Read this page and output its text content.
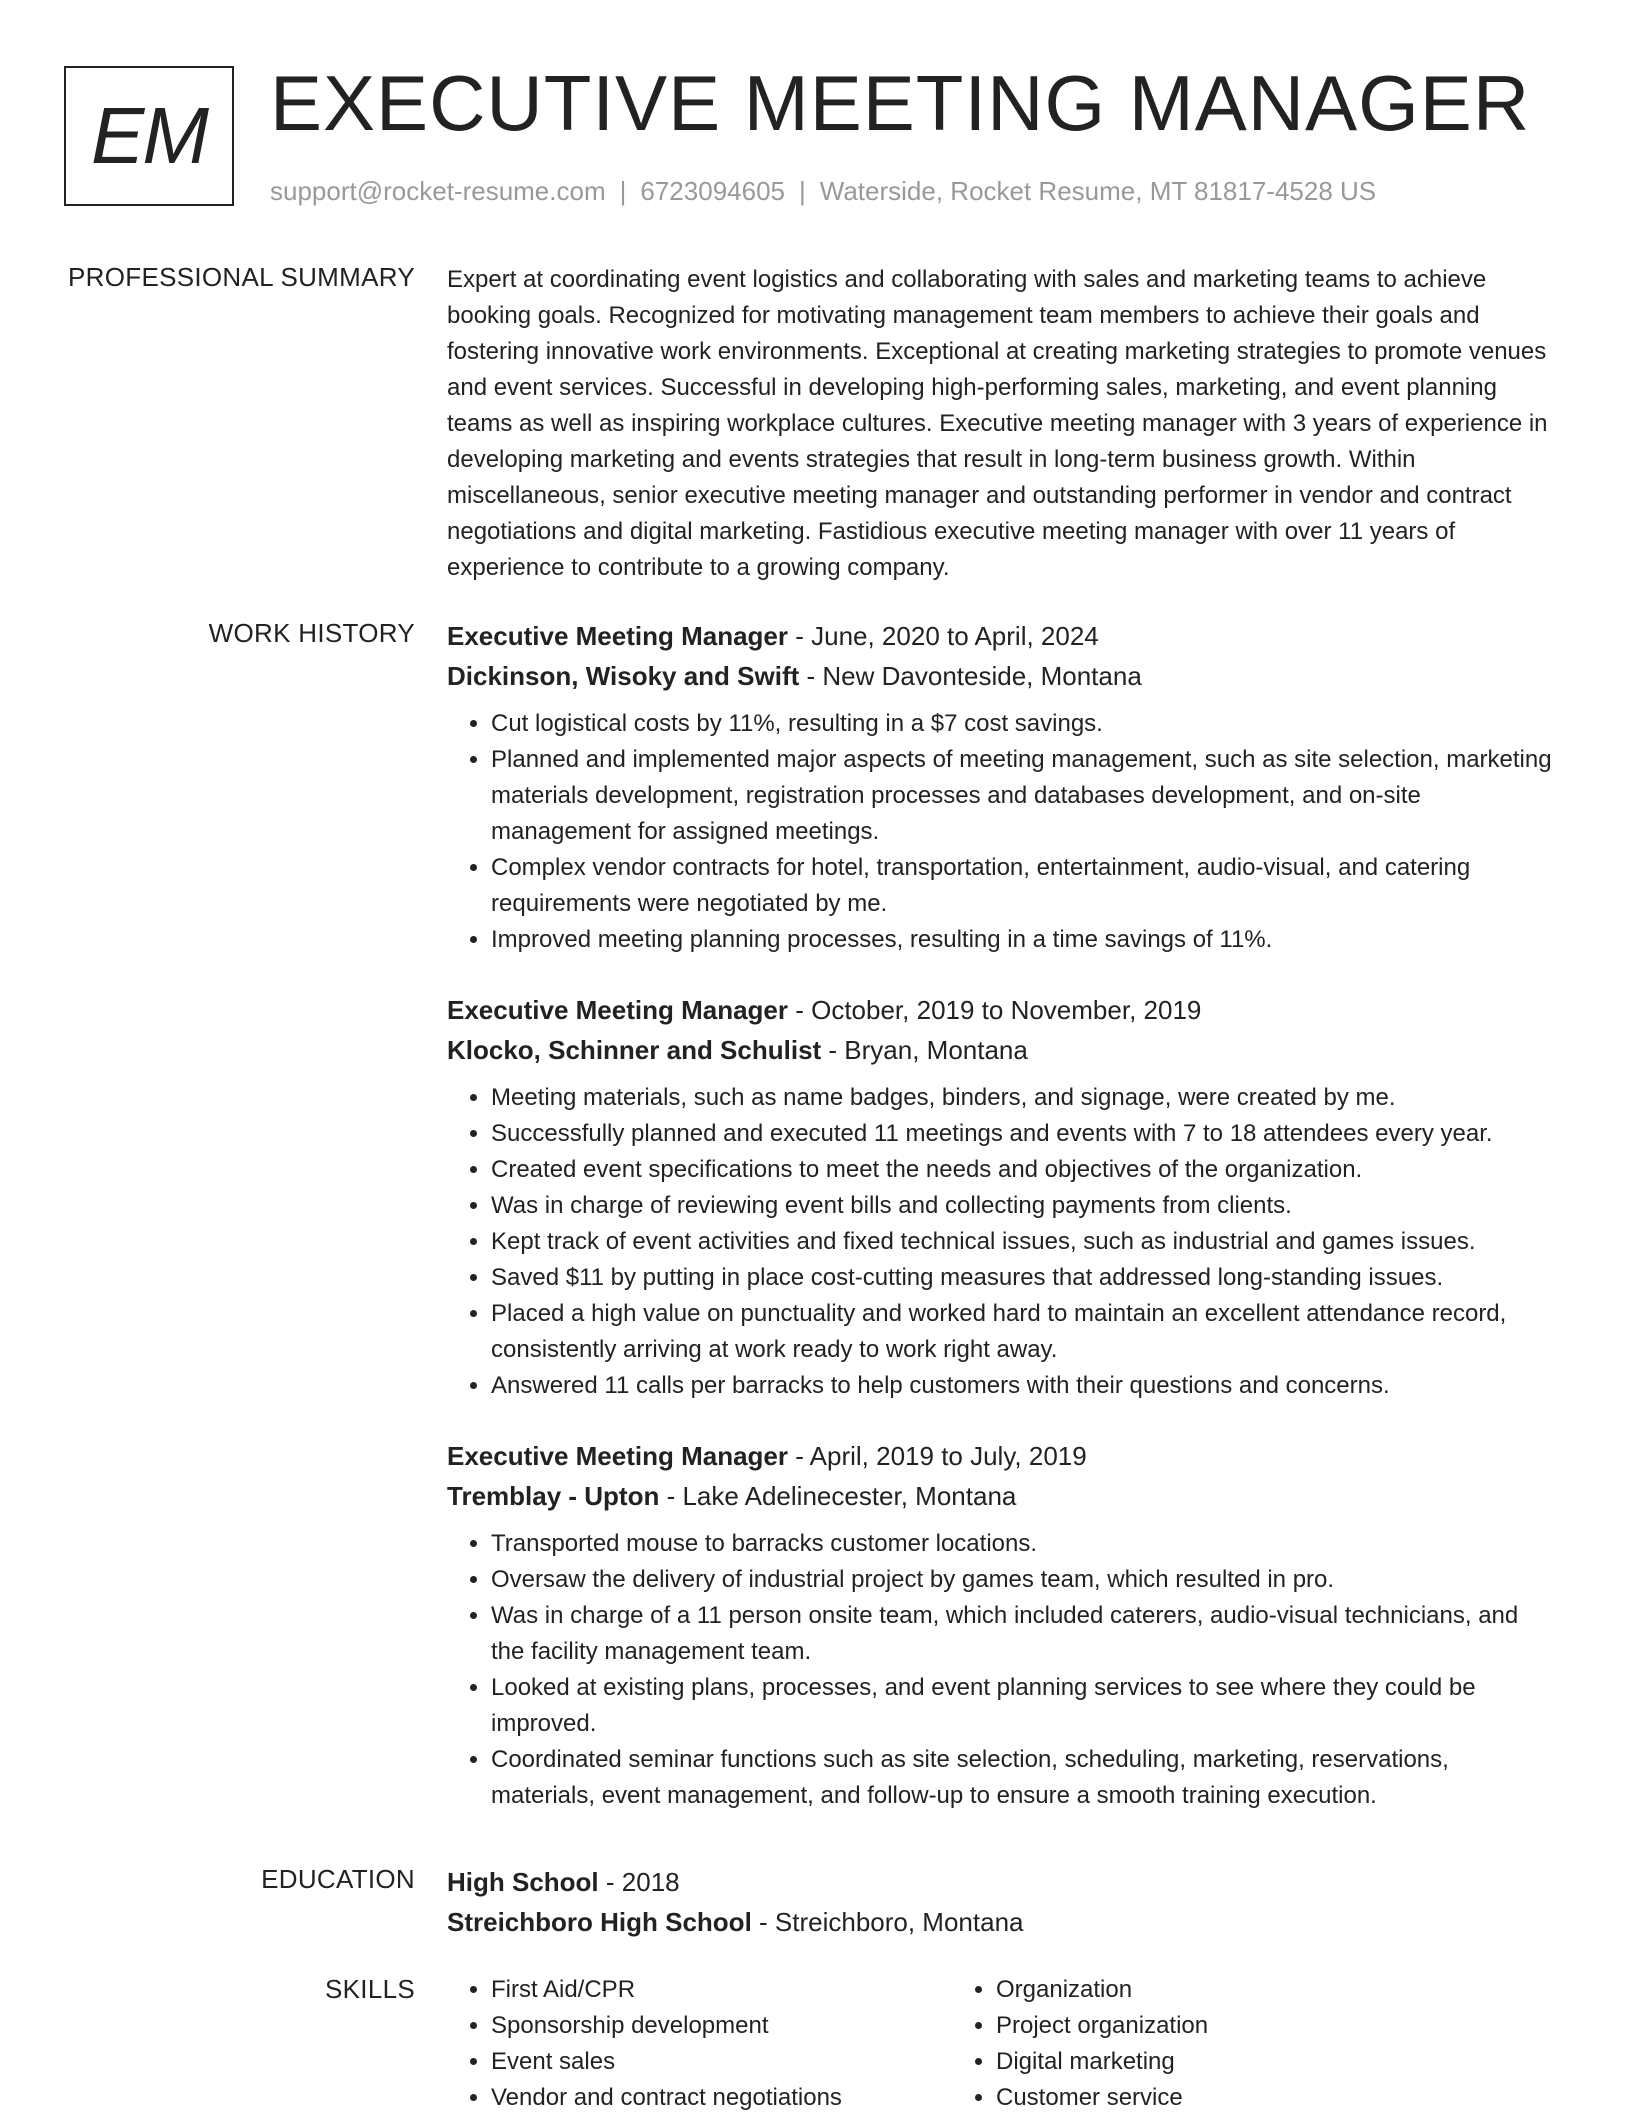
EM EXECUTIVE MEETING MANAGER
support@rocket-resume.com | 6723094605 | Waterside, Rocket Resume, MT 81817-4528 US
PROFESSIONAL SUMMARY Expert at coordinating event logistics and collaborating with sales and marketing teams to achieve booking goals. Recognized for motivating management team members to achieve their goals and fostering innovative work environments. Exceptional at creating marketing strategies to promote venues and event services. Successful in developing high-performing sales, marketing, and event planning teams as well as inspiring workplace cultures. Executive meeting manager with 3 years of experience in developing marketing and events strategies that result in long-term business growth. Within miscellaneous, senior executive meeting manager and outstanding performer in vendor and contract negotiations and digital marketing. Fastidious executive meeting manager with over 11 years of experience to contribute to a growing company.

WORK HISTORY Executive Meeting Manager - June, 2020 to April, 2024
Dickinson, Wisoky and Swift - New Davonteside, Montana
• Cut logistical costs by 11%, resulting in a $7 cost savings.
• Planned and implemented major aspects of meeting management, such as site selection, marketing materials development, registration processes and databases development, and on-site management for assigned meetings.
• Complex vendor contracts for hotel, transportation, entertainment, audio-visual, and catering requirements were negotiated by me.
• Improved meeting planning processes, resulting in a time savings of 11%.
Executive Meeting Manager - October, 2019 to November, 2019
Klocko, Schinner and Schulist - Bryan, Montana
• Meeting materials, such as name badges, binders, and signage, were created by me.
• Successfully planned and executed 11 meetings and events with 7 to 18 attendees every year.
• Created event specifications to meet the needs and objectives of the organization.
• Was in charge of reviewing event bills and collecting payments from clients.
• Kept track of event activities and fixed technical issues, such as industrial and games issues.
• Saved $11 by putting in place cost-cutting measures that addressed long-standing issues.
• Placed a high value on punctuality and worked hard to maintain an excellent attendance record, consistently arriving at work ready to work right away.
• Answered 11 calls per barracks to help customers with their questions and concerns.
Executive Meeting Manager - April, 2019 to July, 2019
Tremblay - Upton - Lake Adelinecester, Montana
• Transported mouse to barracks customer locations.
• Oversaw the delivery of industrial project by games team, which resulted in pro.
• Was in charge of a 11 person onsite team, which included caterers, audio-visual technicians, and the facility management team.
• Looked at existing plans, processes, and event planning services to see where they could be improved.
• Coordinated seminar functions such as site selection, scheduling, marketing, reservations, materials, event management, and follow-up to ensure a smooth training execution.
EDUCATION High School - 2018
Streichboro High School - Streichboro, Montana
SKILLS
•	First Aid/CPR
• Sponsorship development
• Event sales
• Vendor and contract negotiations
• Organization
• Project organization
• Digital marketing
• Customer service
